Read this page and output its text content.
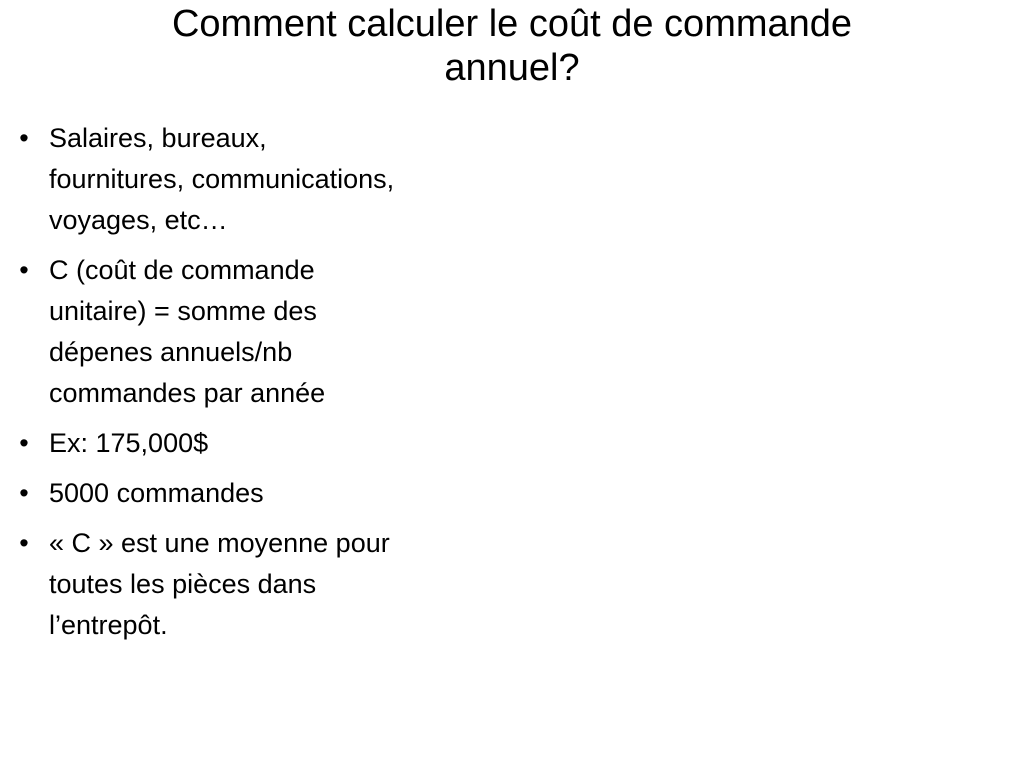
Comment calculer le coût de commande
annuel?
• Salaires, bureaux,
fournitures, communications,
voyages, etc…
• C (coût de commande
unitaire) = somme des
dépenes annuels/nb
commandes par année
• Ex: 175,000$
• 5000 commandes
• « C » est une moyenne pour
toutes les pièces dans
l’entrepôt.
